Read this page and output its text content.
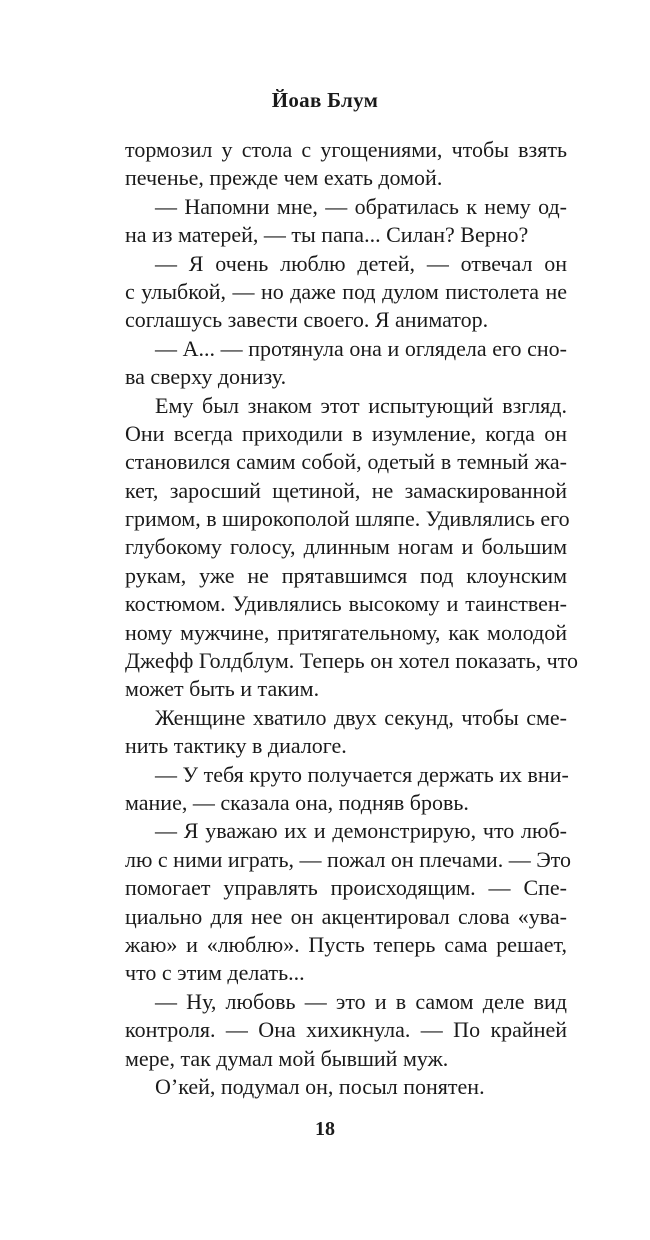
Йоав Блум
тормозил у стола с угощениями, чтобы взять
печенье, прежде чем ехать домой.
— Напомни мне, — обратилась к нему од-
на из матерей, — ты папа... Силан? Верно?
— Я очень люблю детей, — отвечал он
с улыбкой, — но даже под дулом пистолета не
соглашусь завести своего. Я аниматор.
— А... — протянула она и оглядела его сно-
ва сверху донизу.
Ему был знаком этот испытующий взгляд.
Они всегда приходили в изумление, когда он
становился самим собой, одетый в темный жа-
кет, заросший щетиной, не замаскированной
гримом, в широкополой шляпе. Удивлялись его
глубокому голосу, длинным ногам и большим
рукам, уже не прятавшимся под клоунским
костюмом. Удивлялись высокому и таинствен-
ному мужчине, притягательному, как молодой
Джефф Голдблум. Теперь он хотел показать, что
может быть и таким.
Женщине хватило двух секунд, чтобы сме-
нить тактику в диалоге.
— У тебя круто получается держать их вни-
мание, — сказала она, подняв бровь.
— Я уважаю их и демонстрирую, что люб-
лю с ними играть, — пожал он плечами. — Это
помогает управлять происходящим. — Спе-
циально для нее он акцентировал слова «ува-
жаю» и «люблю». Пусть теперь сама решает,
что с этим делать...
— Ну, любовь — это и в самом деле вид
контроля. — Она хихикнула. — По крайней
мере, так думал мой бывший муж.
О’кей, подумал он, посыл понятен.
18
